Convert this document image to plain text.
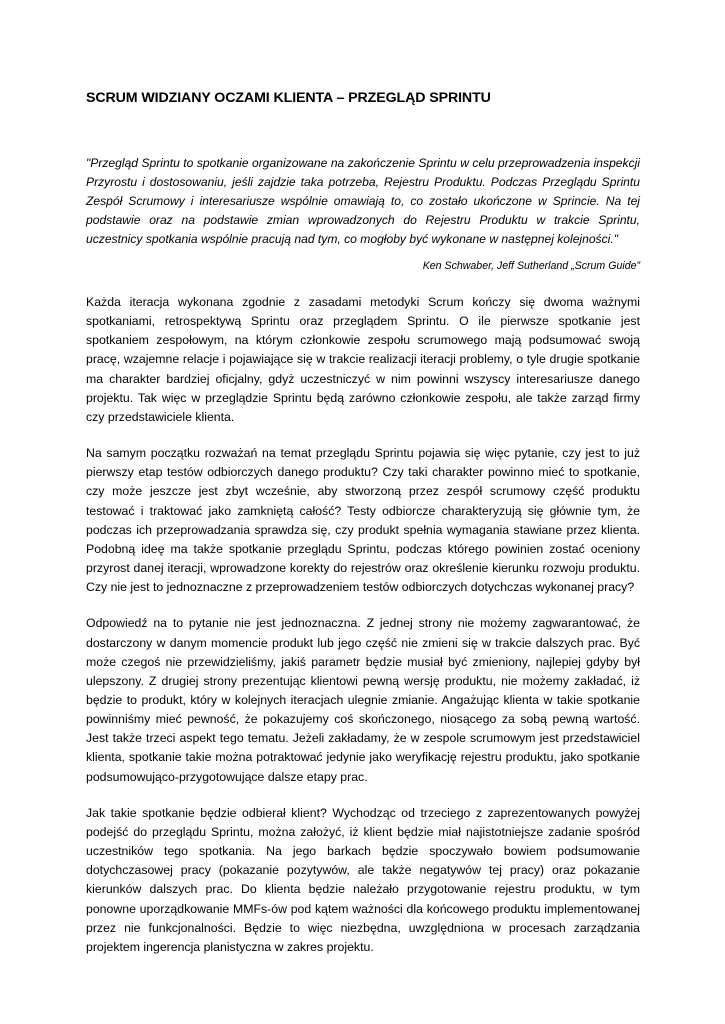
SCRUM WIDZIANY OCZAMI KLIENTA – PRZEGLĄD SPRINTU

"Przegląd Sprintu to spotkanie organizowane na zakończenie Sprintu w celu przeprowadzenia inspekcji Przyrostu i dostosowaniu, jeśli zajdzie taka potrzeba, Rejestru Produktu. Podczas Przeglądu Sprintu Zespół Scrumowy i interesariusze wspólnie omawiają to, co zostało ukończone w Sprincie. Na tej podstawie oraz na podstawie zmian wprowadzonych do Rejestru Produktu w trakcie Sprintu, uczestnicy spotkania wspólnie pracują nad tym, co mogłoby być wykonane w następnej kolejności."

Ken Schwaber, Jeff Sutherland „Scrum Guide”

Każda iteracja wykonana zgodnie z zasadami metodyki Scrum kończy się dwoma ważnymi spotkaniami, retrospektywą Sprintu oraz przeglądem Sprintu. O ile pierwsze spotkanie jest spotkaniem zespołowym, na którym członkowie zespołu scrumowego mają podsumować swoją pracę, wzajemne relacje i pojawiające się w trakcie realizacji iteracji problemy, o tyle drugie spotkanie ma charakter bardziej oficjalny, gdyż uczestniczyć w nim powinni wszyscy interesariusze danego projektu. Tak więc w przeglądzie Sprintu będą zarówno członkowie zespołu, ale także zarząd firmy czy przedstawiciele klienta.

Na samym początku rozważań na temat przeglądu Sprintu pojawia się więc pytanie, czy jest to już pierwszy etap testów odbiorczych danego produktu? Czy taki charakter powinno mieć to spotkanie, czy może jeszcze jest zbyt wcześnie, aby stworzoną przez zespół scrumowy część produktu testować i traktować jako zamkniętą całość? Testy odbiorcze charakteryzują się głównie tym, że podczas ich przeprowadzania sprawdza się, czy produkt spełnia wymagania stawiane przez klienta. Podobną ideę ma także spotkanie przeglądu Sprintu, podczas którego powinien zostać oceniony przyrost danej iteracji, wprowadzone korekty do rejestrów oraz określenie kierunku rozwoju produktu. Czy nie jest to jednoznaczne z przeprowadzeniem testów odbiorczych dotychczas wykonanej pracy?

Odpowiedź na to pytanie nie jest jednoznaczna. Z jednej strony nie możemy zagwarantować, że dostarczony w danym momencie produkt lub jego część nie zmieni się w trakcie dalszych prac. Być może czegoś nie przewidzieliśmy, jakiś parametr będzie musiał być zmieniony, najlepiej gdyby był ulepszony. Z drugiej strony prezentując klientowi pewną wersję produktu, nie możemy zakładać, iż będzie to produkt, który w kolejnych iteracjach ulegnie zmianie. Angażując klienta w takie spotkanie powinniśmy mieć pewność, że pokazujemy coś skończonego, niosącego za sobą pewną wartość. Jest także trzeci aspekt tego tematu. Jeżeli zakładamy, że w zespole scrumowym jest przedstawiciel klienta, spotkanie takie można potraktować jedynie jako weryfikację rejestru produktu, jako spotkanie podsumowująco-przygotowujące dalsze etapy prac.

Jak takie spotkanie będzie odbierał klient? Wychodząc od trzeciego z zaprezentowanych powyżej podejść do przeglądu Sprintu, można założyć, iż klient będzie miał najistotniejsze zadanie spośród uczestników tego spotkania. Na jego barkach będzie spoczywało bowiem podsumowanie dotychczasowej pracy (pokazanie pozytywów, ale także negatywów tej pracy) oraz pokazanie kierunków dalszych prac. Do klienta będzie należało przygotowanie rejestru produktu, w tym ponowne uporządkowanie MMFs-ów pod kątem ważności dla końcowego produktu implementowanej przez nie funkcjonalności. Będzie to więc niezbędna, uwzględniona w procesach zarządzania projektem ingerencja planistyczna w zakres projektu.
